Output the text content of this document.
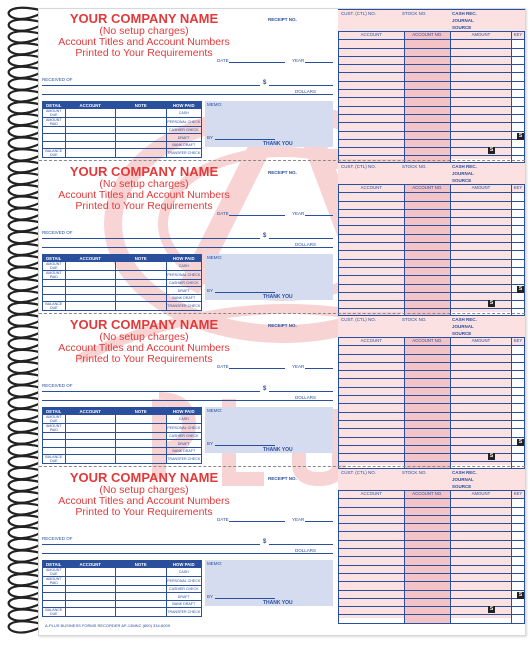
YOUR COMPANY NAME
(No setup charges)
Account Titles and Account Numbers
Printed to Your Requirements
RECEIPT NO.
DATE	YEAR
RECEIVED OF
$
DOLLARS
DETAIL	ACCOUNT	NOTE	HOW PAID
AMOUNT DUE			CASH
AMOUNT PAID			PERSONAL CHECK
			CASHIER CHECK
			DRAFT
			BANK DRAFT
BALANCE DUE			TRANSFER CHECK
MEMO:
BY
THANK YOU
CUST. (CTL) NO.	STOCK NO.	CASH REC.
JOURNAL
SOURCE
ACCOUNT	ACCOUNT NO.	AMOUNT	KEY

S
S
YOUR COMPANY NAME
(No setup charges)
Account Titles and Account Numbers
Printed to Your Requirements
RECEIPT NO.
DATE	YEAR
RECEIVED OF
$
DOLLARS
DETAIL	ACCOUNT	NOTE	HOW PAID
AMOUNT DUE			CASH
AMOUNT PAID			PERSONAL CHECK
			CASHIER CHECK
			DRAFT
			BANK DRAFT
BALANCE DUE			TRANSFER CHECK
MEMO:
BY
THANK YOU
CUST. (CTL) NO.	STOCK NO.	CASH REC.
JOURNAL
SOURCE
ACCOUNT	ACCOUNT NO.	AMOUNT	KEY

S
S
YOUR COMPANY NAME
(No setup charges)
Account Titles and Account Numbers
Printed to Your Requirements
RECEIPT NO.
DATE	YEAR
RECEIVED OF
$
DOLLARS
DETAIL	ACCOUNT	NOTE	HOW PAID
AMOUNT DUE			CASH
AMOUNT PAID			PERSONAL CHECK
			CASHIER CHECK
			DRAFT
			BANK DRAFT
BALANCE DUE			TRANSFER CHECK
MEMO:
BY
THANK YOU
CUST. (CTL) NO.	STOCK NO.	CASH REC.
JOURNAL
SOURCE
ACCOUNT	ACCOUNT NO.	AMOUNT	KEY

S
S
YOUR COMPANY NAME
(No setup charges)
Account Titles and Account Numbers
Printed to Your Requirements
RECEIPT NO.
DATE	YEAR
RECEIVED OF
$
DOLLARS
DETAIL	ACCOUNT	NOTE	HOW PAID
AMOUNT DUE			CASH
AMOUNT PAID			PERSONAL CHECK
			CASHIER CHECK
			DRAFT
			BANK DRAFT
BALANCE DUE			TRANSFER CHECK
MEMO:
BY
THANK YOU
CUST. (CTL) NO.	STOCK NO.	CASH REC.
JOURNAL
SOURCE
ACCOUNT	ACCOUNT NO.	AMOUNT	KEY

S
S
A-PLUS BUSINESS FORMS RECORDER AP-13MNC (800) 334-6009
